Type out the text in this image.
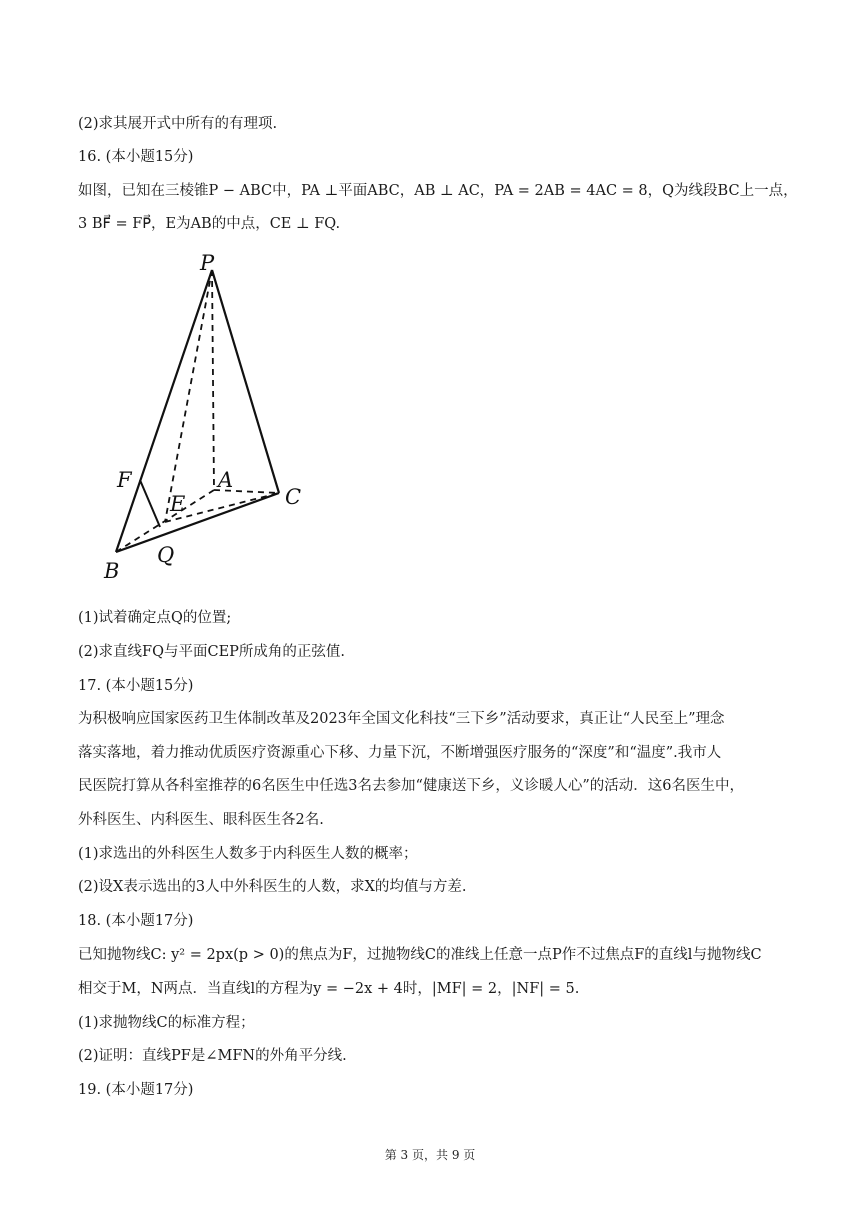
(2)求其展开式中所有的有理项.
16. (本小题15分)
如图，已知在三棱锥P − ABC中，PA ⊥平面ABC，AB ⊥ AC，PA = 2AB = 4AC = 8，Q为线段BC上一点，
3 BF⃗ = FP⃗，E为AB的中点，CE ⊥ FQ.
P
A
C
F
E
Q
B
(1)试着确定点Q的位置;
(2)求直线FQ与平面CEP所成角的正弦值.
17. (本小题15分)
为积极响应国家医药卫生体制改革及2023年全国文化科技“三下乡”活动要求，真正让“人民至上”理念
落实落地，着力推动优质医疗资源重心下移、力量下沉，不断增强医疗服务的“深度”和“温度”.我市人
民医院打算从各科室推荐的6名医生中任选3名去参加“健康送下乡，义诊暖人心”的活动．这6名医生中，
外科医生、内科医生、眼科医生各2名.
(1)求选出的外科医生人数多于内科医生人数的概率；
(2)设X表示选出的3人中外科医生的人数，求X的均值与方差.
18. (本小题17分)
已知抛物线C: y² = 2px(p > 0)的焦点为F，过抛物线C的准线上任意一点P作不过焦点F的直线l与抛物线C
相交于M，N两点．当直线l的方程为y = −2x + 4时，|MF| = 2，|NF| = 5.
(1)求抛物线C的标准方程；
(2)证明：直线PF是∠MFN的外角平分线.
19. (本小题17分)
第 3 页，共 9 页
